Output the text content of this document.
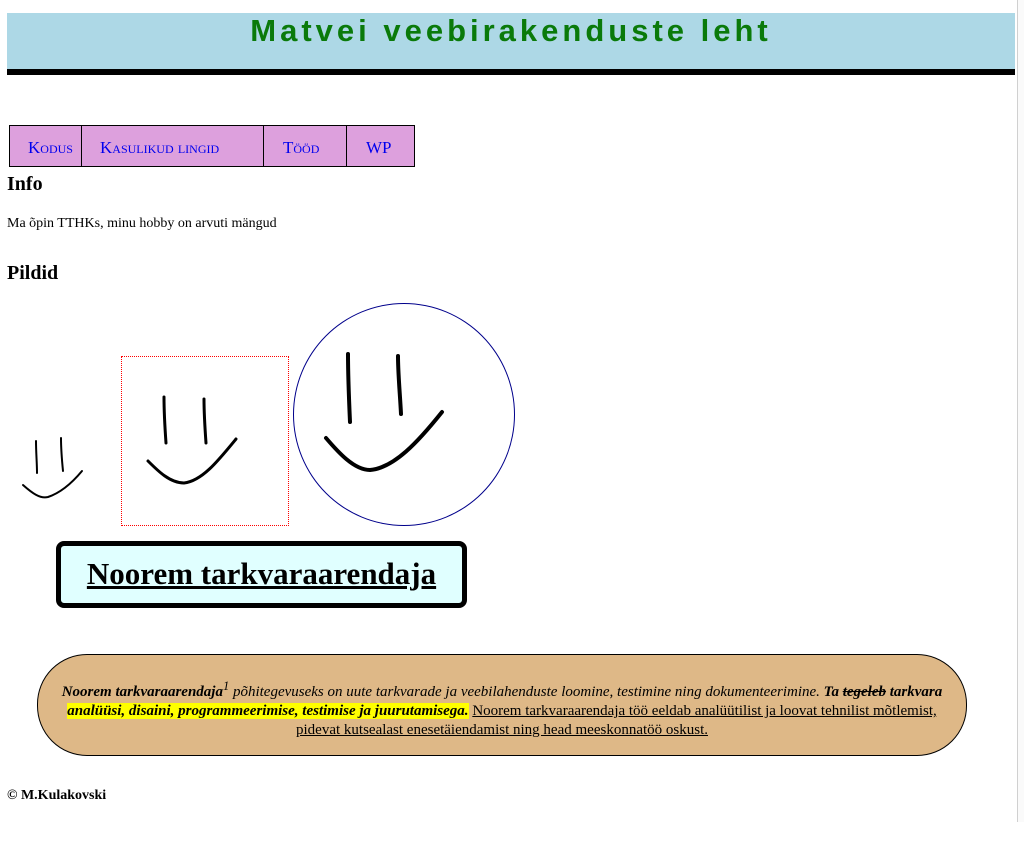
Matvei veebirakenduste leht
Kodus	Kasulikud lingid	Tööd	WP
Info

Ma õpin TTHKs, minu hobby on arvuti mängud

Pildid
Noorem tarkvaraarendaja

Noorem tarkvaraarendaja$^1$ põhitegevuseks on uute tarkvarade ja veebilahenduste loomine, testimine ning dokumenteerimine. Ta tegeleb tarkvara analüüsi, disaini, programmeerimise, testimise ja juurutamisega. Noorem tarkvaraarendaja töö eeldab analüütilist ja loovat tehnilist mõtlemist, pidevat kutsealast enesetäiendamist ning head meeskonnatöö oskust.

© M.Kulakovski
